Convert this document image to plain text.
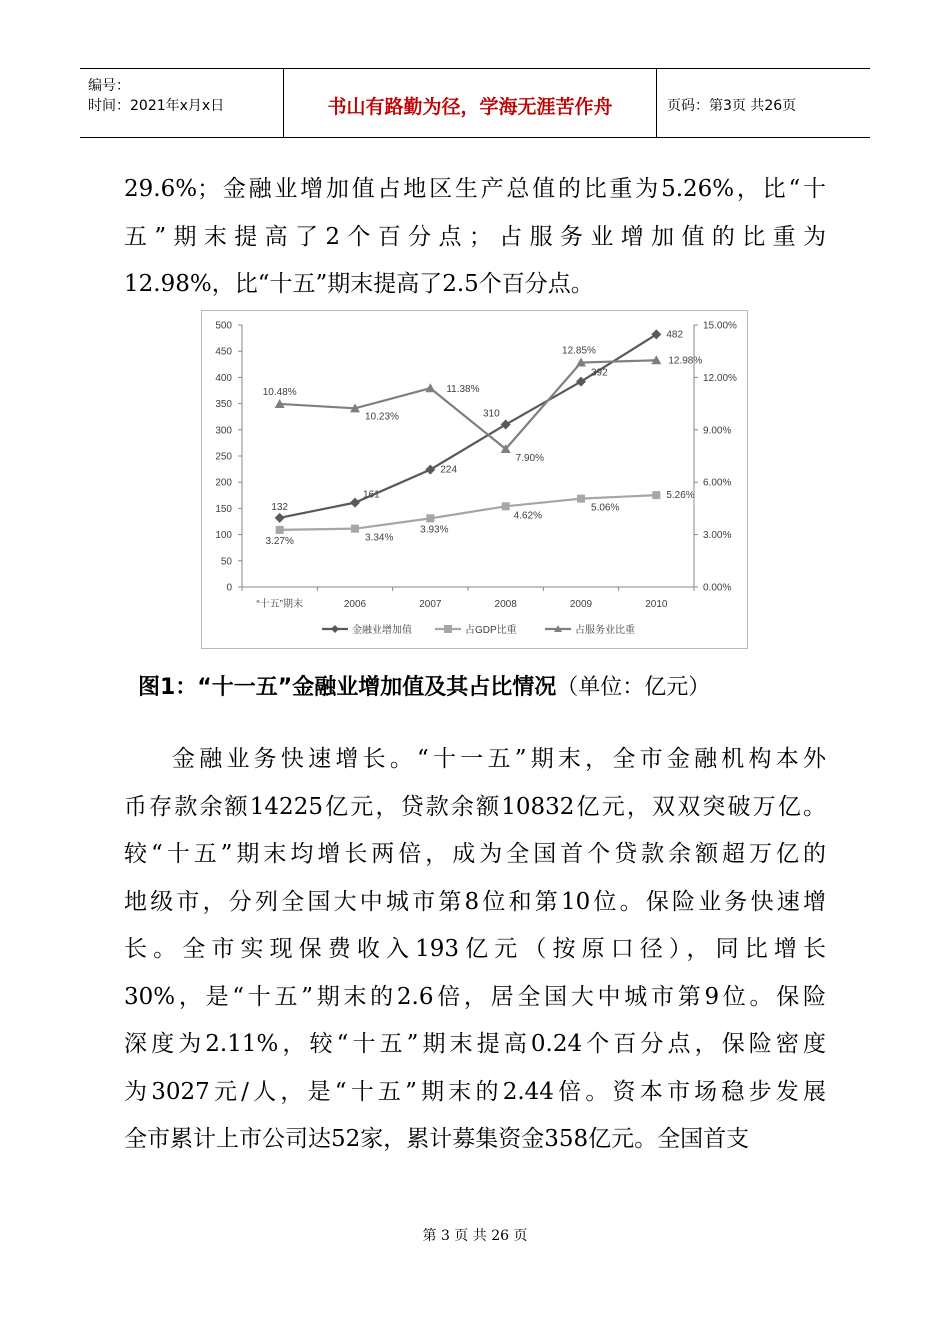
编号：
时间：2021年x月x日	书山有路勤为径，学海无涯苦作舟	页码：第3页 共26页
29.6%；金融业增加值占地区生产总值的比重为5.26%，比“十
五”期末提高了2个百分点；占服务业增加值的比重为
12.98%，比“十五”期末提高了2.5个百分点。
0
50
100
150
200
250
300
350
400
450
500
0.00%
3.00%
6.00%
9.00%
12.00%
15.00%
“十五”期末	2006	2007	2008	2009	2010
132
161
224
310
392
482
3.27%	3.34%
3.93%
4.62%
5.06%
5.26%
10.48%
10.23%
11.38%
7.90%
12.85%
12.98%
金融业增加值	占GDP比重	占服务业比重
图1：“十一五”金融业增加值及其占比情况（单位：亿元）
金融业务快速增长。“十一五”期末，全市金融机构本外
币存款余额14225亿元，贷款余额10832亿元，双双突破万亿。
较“十五”期末均增长两倍，成为全国首个贷款余额超万亿的
地级市，分列全国大中城市第8位和第10位。保险业务快速增
长。全市实现保费收入193亿元（按原口径），同比增长
30%，是“十五”期末的2.6倍，居全国大中城市第9位。保险
深度为2.11%，较“十五”期末提高0.24个百分点，保险密度
为3027元/人，是“十五”期末的2.44倍。资本市场稳步发展
全市累计上市公司达52家，累计募集资金358亿元。全国首支
第 3 页 共 26 页
